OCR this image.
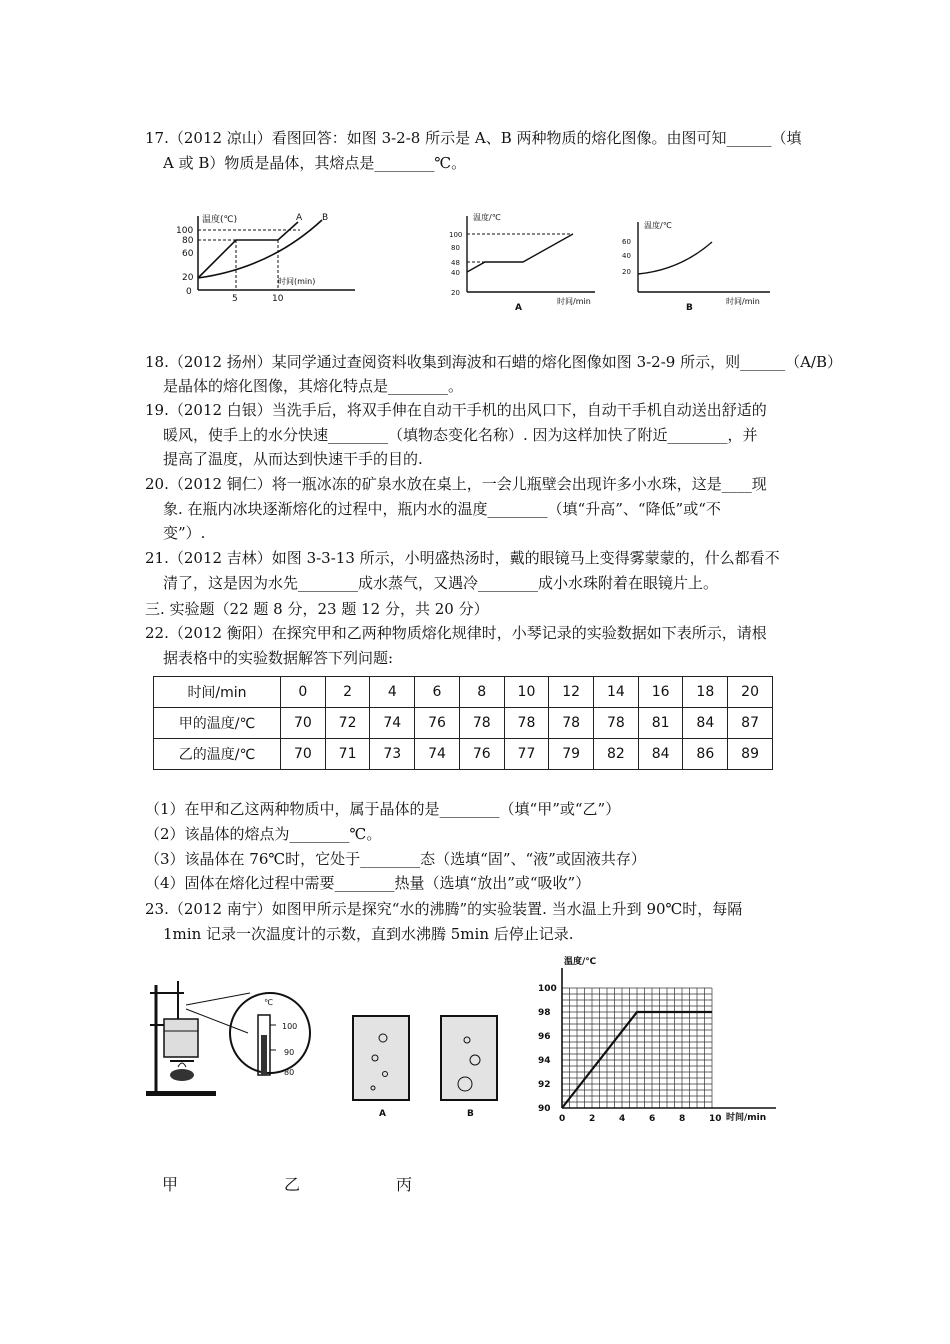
17.（2012 凉山）看图回答：如图 3-2-8 所示是 A、B 两种物质的熔化图像。由图可知______（填
A 或 B）物质是晶体，其熔点是________℃。
温度(℃)
时间(min)
100
80
60
20
0
5	10
A B	温度/℃
100
80
48
40
20
时间/min
A
温度/℃
60
40
20
时间/min
B
18.（2012 扬州）某同学通过查阅资料收集到海波和石蜡的熔化图像如图 3-2-9 所示，则______（A/B）
是晶体的熔化图像，其熔化特点是________。
19.（2012 白银）当洗手后，将双手伸在自动干手机的出风口下，自动干手机自动送出舒适的
暖风，使手上的水分快速________（填物态变化名称）. 因为这样加快了附近________，并
提高了温度，从而达到快速干手的目的.
20.（2012 铜仁）将一瓶冰冻的矿泉水放在桌上，一会儿瓶壁会出现许多小水珠，这是____现
象. 在瓶内冰块逐渐熔化的过程中，瓶内水的温度________（填“升高”、“降低”或“不
变”）.
21.（2012 吉林）如图 3-3-13 所示，小明盛热汤时，戴的眼镜马上变得雾蒙蒙的，什么都看不
清了，这是因为水先________成水蒸气，又遇冷________成小水珠附着在眼镜片上。
三. 实验题（22 题 8 分，23 题 12 分，共 20 分）
22.（2012 衡阳）在探究甲和乙两种物质熔化规律时，小琴记录的实验数据如下表所示，请根
据表格中的实验数据解答下列问题:
时间/min	0	2	4	6	8	10	12	14	16	18	20
甲的温度/℃	70	72	74	76	78	78	78	78	81	84	87
乙的温度/℃	70	71	73	74	76	77	79	82	84	86	89
（1）在甲和乙这两种物质中，属于晶体的是________（填“甲”或“乙”）
（2）该晶体的熔点为________℃。
（3）该晶体在 76℃时，它处于________态（选填“固”、“液”或固液共存）
（4）固体在熔化过程中需要________热量（选填“放出”或“吸收”）
23.（2012 南宁）如图甲所示是探究“水的沸腾”的实验装置. 当水温上升到 90℃时，每隔
1min 记录一次温度计的示数，直到水沸腾 5min 后停止记录.
℃
100
90
80
A	B
温度/℃
时间/min
100
98
96
94
92
90
0	2	4	6	8	10
甲	乙	丙
